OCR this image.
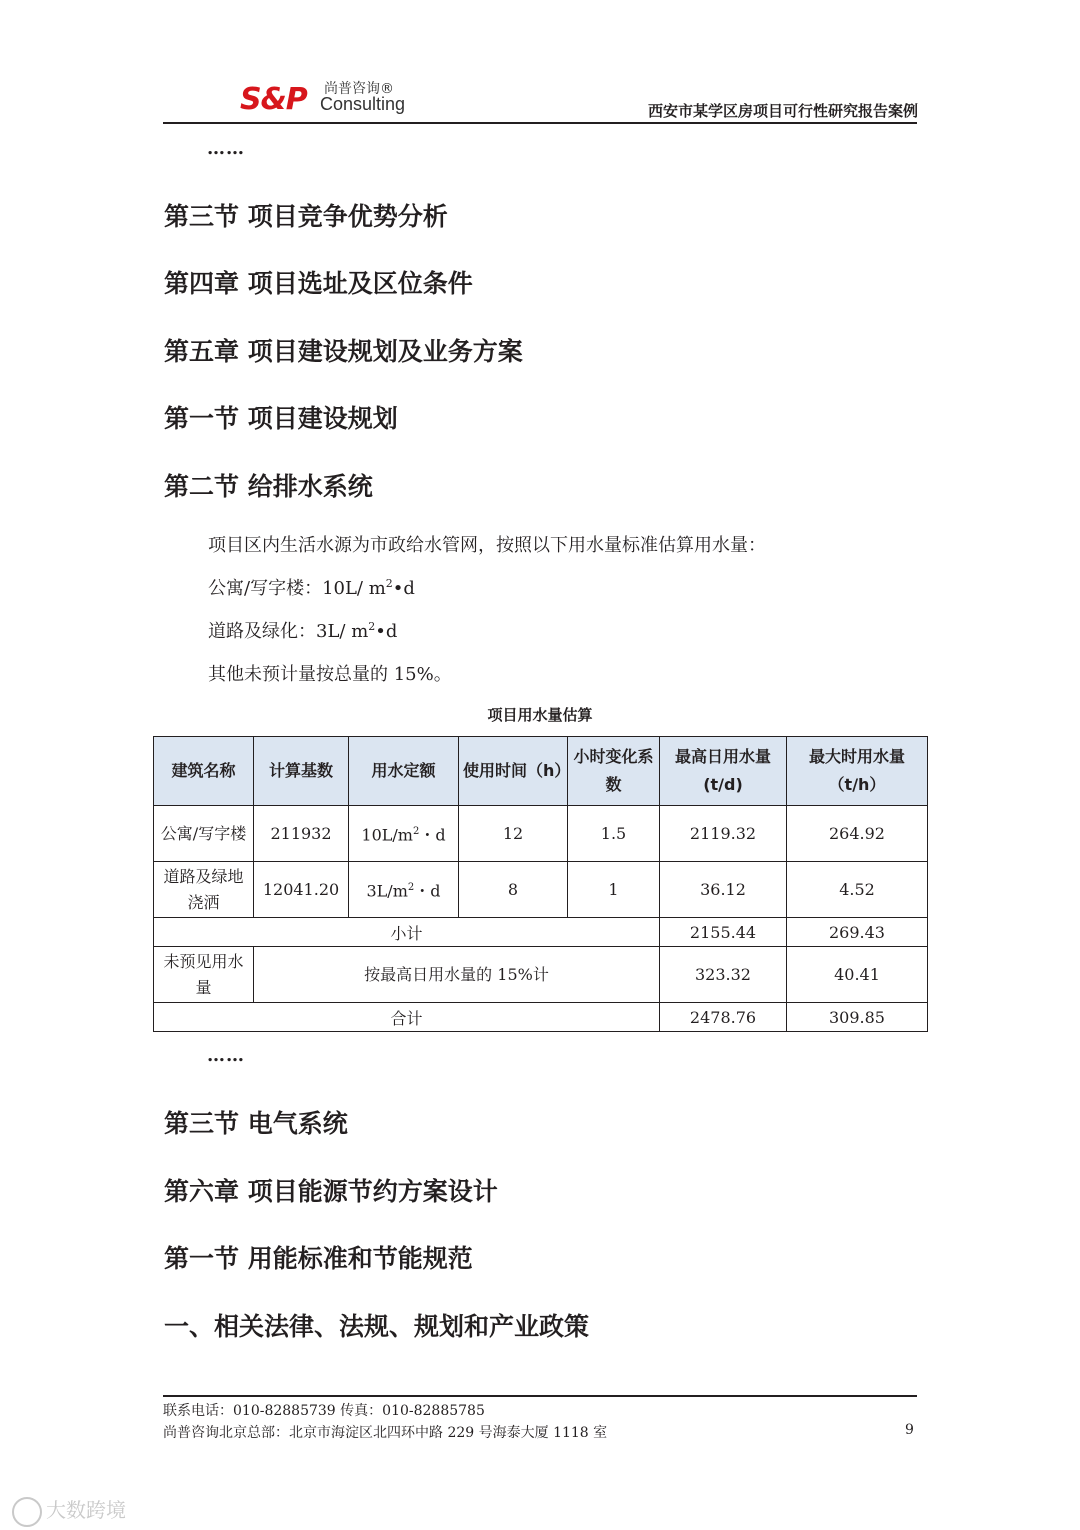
S&P 尚普咨询®
Consulting	西安市某学区房项目可行性研究报告案例
……
第三节 项目竞争优势分析
第四章 项目选址及区位条件
第五章 项目建设规划及业务方案
第一节 项目建设规划
第二节 给排水系统
项目区内生活水源为市政给水管网，按照以下用水量标准估算用水量：
公寓/写字楼：10L/ $m^2•d$
道路及绿化：3L/ $m^2•d$
其他未预计量按总量的 15%。
项目用水量估算
建筑名称	计算基数	用水定额	使用时间（h）	小时变化系数	最高日用水量(t/d)	最大时用水量（t/h）
公寓/写字楼	211932	$10L/m^2$・d	12	1.5	2119.32	264.92
道路及绿地浇洒	12041.20	$3L/m^2$・d	8	1	36.12	4.52
小计					2155.44	269.43
未预见用水量	按最高日用水量的 15%计				323.32	40.41
合计					2478.76	309.85
……
第三节 电气系统
第六章 项目能源节约方案设计
第一节 用能标准和节能规范
一、相关法律、法规、规划和产业政策
联系电话：010-82885739 传真：010-82885785
尚普咨询北京总部：北京市海淀区北四环中路 229 号海泰大厦 1118 室	9
大数跨境
